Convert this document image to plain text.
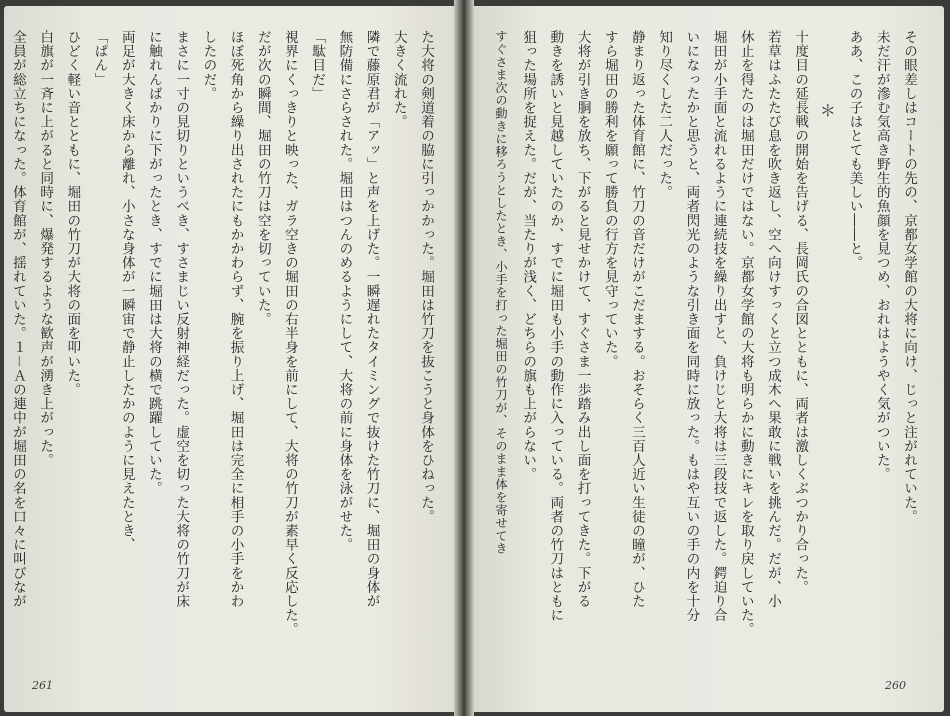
た大将の剣道着の脇に引っかかった。堀田は竹刀を抜こうと身体をひねった。

大きく流れた。

隣で藤原君が「アッ」と声を上げた。一瞬遅れたタイミングで抜けた竹刀に、堀田の身体が

無防備にさらされた。堀田はつんのめるようにして、大将の前に身体を泳がせた。

「駄目だ」

視界にくっきりと映った、ガラ空きの堀田の右半身を前にして、大将の竹刀が素早く反応した。

だが次の瞬間、堀田の竹刀は空を切っていた。

ほぼ死角から繰り出されたにもかかわらず、腕を振り上げ、堀田は完全に相手の小手をかわ

したのだ。

まさに一寸の見切りというべき、すさまじい反射神経だった。虚空を切った大将の竹刀が床

に触れんばかりに下がったとき、すでに堀田は大将の横で跳躍していた。

両足が大きく床から離れ、小さな身体が一瞬宙で静止したかのように見えたとき、

「ぱん」

ひどく軽い音とともに、堀田の竹刀が大将の面を叩いた。

白旗が一斉に上がると同時に、爆発するような歓声が湧き上がった。

全員が総立ちになった。体育館が、揺れていた。１－Ａの連中が堀田の名を口々に叫びなが

261

その眼差しはコートの先の、京都女学館の大将に向け、じっと注がれていた。

未だ汗が滲む気高き野生的魚顔を見つめ、おれはようやく気がついた。

ああ、この子はとても美しい――と。

＊

十度目の延長戦の開始を告げる、長岡氏の合図とともに、両者は激しくぶつかり合った。

若草はふたたび息を吹き返し、空へ向けすっくと立つ成木へ果敢に戦いを挑んだ。だが、小

休止を得たのは堀田だけではない。京都女学館の大将も明らかに動きにキレを取り戻していた。

堀田が小手面と流れるように連続技を繰り出すと、負けじと大将は三段技で返した。鍔迫り合

いになったかと思うと、両者閃光のような引き面を同時に放った。もはや互いの手の内を十分

知り尽くした二人だった。

静まり返った体育館に、竹刀の音だけがこだまする。おそらく三百人近い生徒の瞳が、ひた

すら堀田の勝利を願って勝負の行方を見守っていた。

大将が引き胴を放ち、下がると見せかけて、すぐさま一歩踏み出し面を打ってきた。下がる

動きを誘いと見越していたのか、すでに堀田も小手の動作に入っている。両者の竹刀はともに

狙った場所を捉えた。だが、当たりが浅く、どちらの旗も上がらない。

すぐさま次の動きに移ろうとしたとき、小手を打った堀田の竹刀が、そのまま体を寄せてき

260
